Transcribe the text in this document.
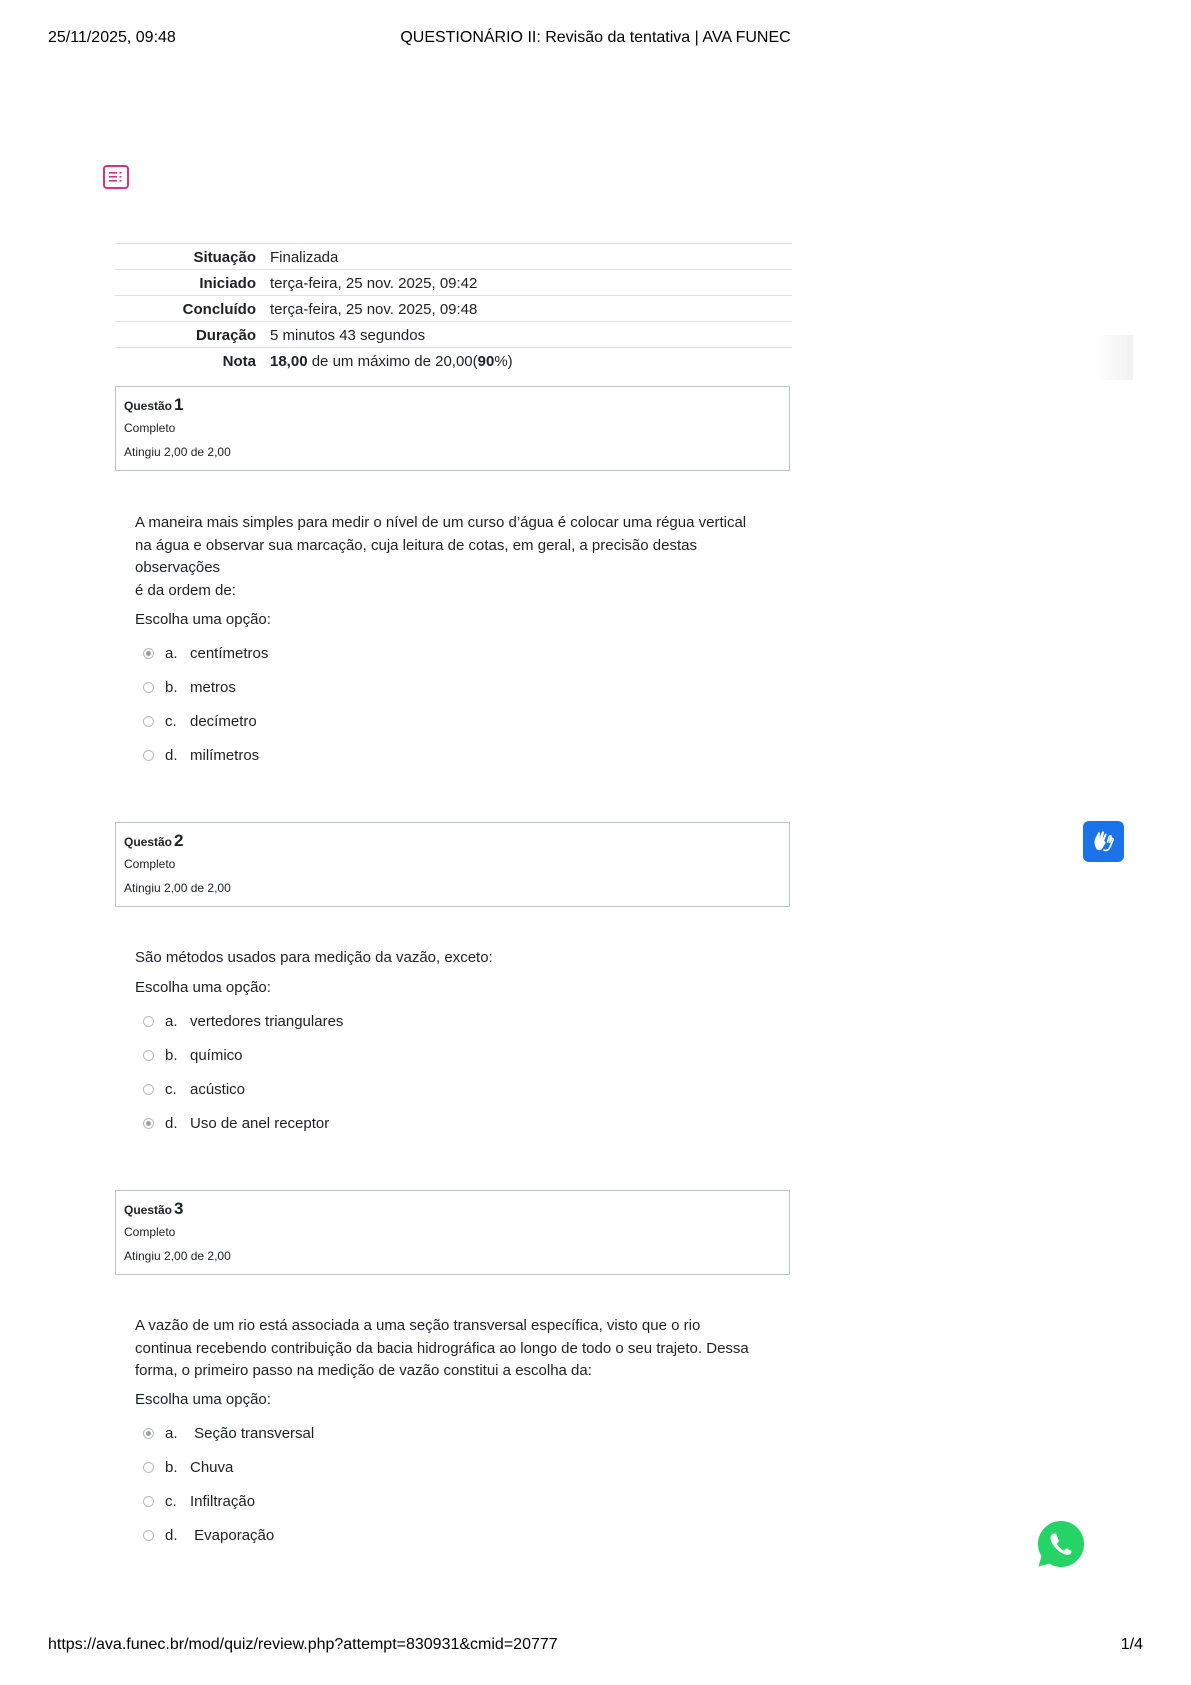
25/11/2025, 09:48	QUESTIONÁRIO II: Revisão da tentativa | AVA FUNEC
Situação	Finalizada
Iniciado	terça-feira, 25 nov. 2025, 09:42
Concluído	terça-feira, 25 nov. 2025, 09:48
Duração	5 minutos 43 segundos
Nota	18,00 de um máximo de 20,00(90%)
Questão 1
Completo
Atingiu 2,00 de 2,00
A maneira mais simples para medir o nível de um curso d’água é colocar uma régua vertical
na água e observar sua marcação, cuja leitura de cotas, em geral, a precisão destas
observações
é da ordem de:
Escolha uma opção:
a. centímetros
b. metros
c. decímetro
d. milímetros
Questão 2
Completo
Atingiu 2,00 de 2,00
São métodos usados para medição da vazão, exceto:
Escolha uma opção:
a. vertedores triangulares
b. químico
c. acústico
d. Uso de anel receptor
Questão 3
Completo
Atingiu 2,00 de 2,00
A vazão de um rio está associada a uma seção transversal específica, visto que o rio
continua recebendo contribuição da bacia hidrográfica ao longo de todo o seu trajeto. Dessa
forma, o primeiro passo na medição de vazão constitui a escolha da:
Escolha uma opção:
a. Seção transversal
b. Chuva
c. Infiltração
d. Evaporação
https://ava.funec.br/mod/quiz/review.php?attempt=830931&cmid=20777	1/4
